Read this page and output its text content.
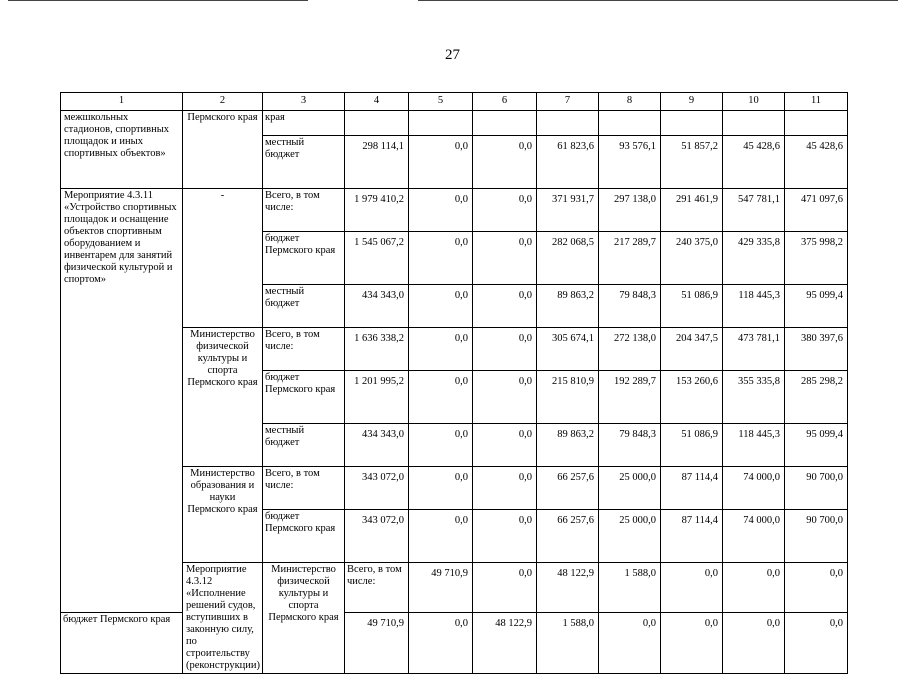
27
1	2	3	4	5	6	7	8	9	10	11	
межшкольных стадионов, спортивных площадок и иных спортивных объектов»	Пермского края	края									
		местный бюджет	298 114,1	0,0	0,0	61 823,6	93 576,1	51 857,2	45 428,6	45 428,6	
Мероприятие 4.3.11 «Устройство спортивных площадок и оснащение объектов спортивным оборудованием и инвентарем для занятий физической культурой и спортом»	-	Всего, в том числе:	1 979 410,2	0,0	0,0	371 931,7	297 138,0	291 461,9	547 781,1	471 097,6	
		бюджет Пермского края	1 545 067,2	0,0	0,0	282 068,5	217 289,7	240 375,0	429 335,8	375 998,2	
		местный бюджет	434 343,0	0,0	0,0	89 863,2	79 848,3	51 086,9	118 445,3	95 099,4	
	Министерство физической культуры и спорта Пермского края	Всего, в том числе:	1 636 338,2	0,0	0,0	305 674,1	272 138,0	204 347,5	473 781,1	380 397,6	
		бюджет Пермского края	1 201 995,2	0,0	0,0	215 810,9	192 289,7	153 260,6	355 335,8	285 298,2	
		местный бюджет	434 343,0	0,0	0,0	89 863,2	79 848,3	51 086,9	118 445,3	95 099,4	
	Министерство образования и науки Пермского края	Всего, в том числе:	343 072,0	0,0	0,0	66 257,6	25 000,0	87 114,4	74 000,0	90 700,0	
		бюджет Пермского края	343 072,0	0,0	0,0	66 257,6	25 000,0	87 114,4	74 000,0	90 700,0	
	Мероприятие 4.3.12 «Исполнение решений судов, вступивших в законную силу, по строительству (реконструкции)	Министерство физической культуры и спорта Пермского края	Всего, в том числе:	49 710,9	0,0	48 122,9	1 588,0	0,0	0,0	0,0	
бюджет Пермского края			49 710,9	0,0	48 122,9	1 588,0	0,0	0,0	0,0	0,0	
